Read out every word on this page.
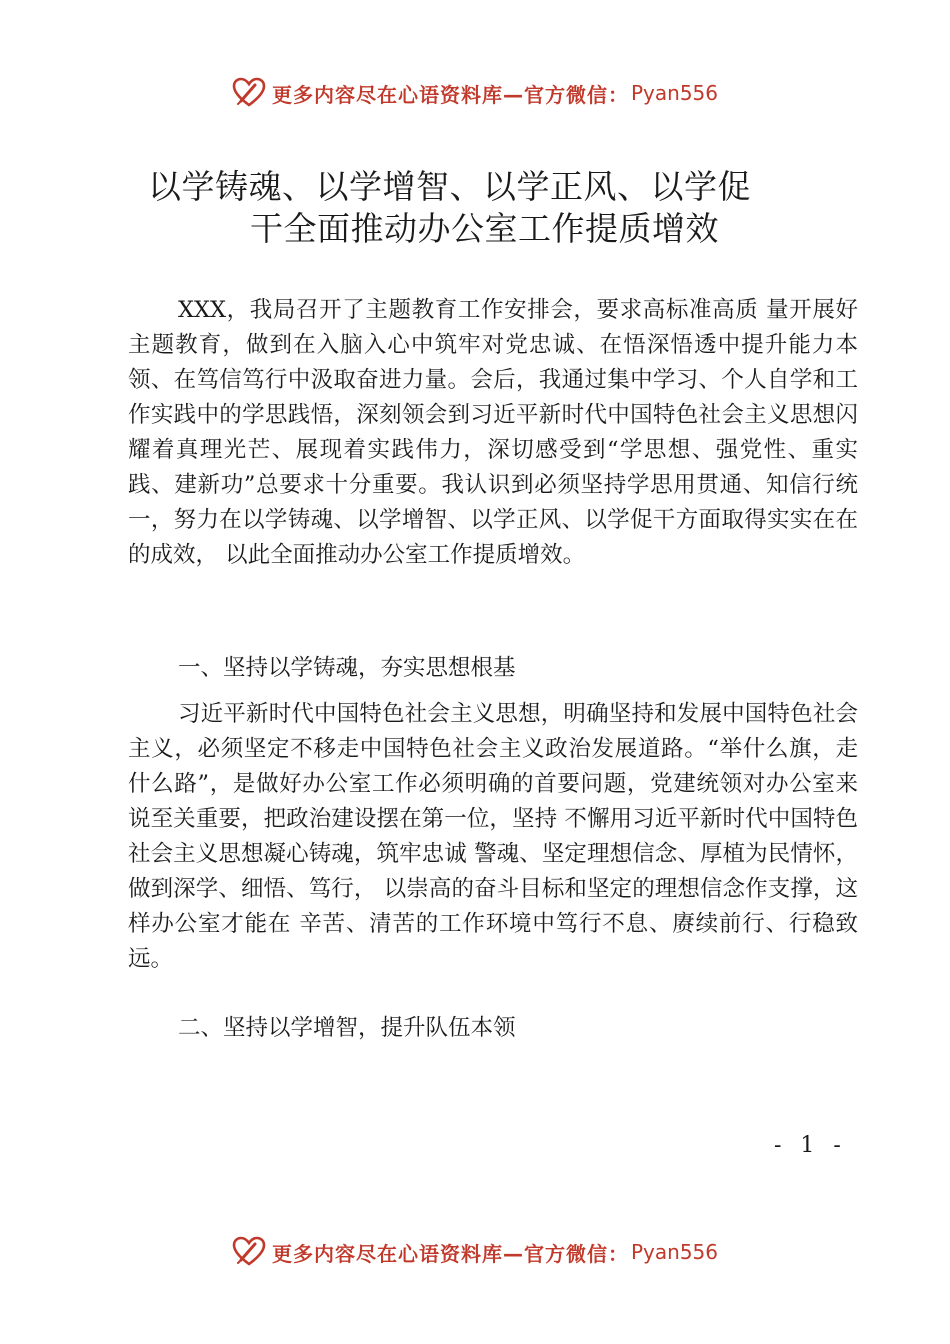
更多内容尽在心语资料库—官方微信： Pyan556
以学铸魂、以学增智、以学正风、以学促
干全面推动办公室工作提质增效

XXX，我局召开了主题教育工作安排会，要求高标准高质 量开展好主题教育，做到在入脑入心中筑牢对党忠诚、在悟深悟透中提升能力本领、在笃信笃行中汲取奋进力量。会后，我通过集中学习、个人自学和工作实践中的学思践悟，深刻领会到习近平新时代中国特色社会主义思想闪耀着真理光芒、展现着实践伟力，深切感受到“学思想、强党性、重实践、建新功”总要求十分重要。我认识到必须坚持学思用贯通、知信行统一，努力在以学铸魂、以学增智、以学正风、以学促干方面取得实实在在的成效， 以此全面推动办公室工作提质增效。

一、坚持以学铸魂，夯实思想根基

习近平新时代中国特色社会主义思想，明确坚持和发展中国特色社会主义，必须坚定不移走中国特色社会主义政治发展道路。“举什么旗，走什么路”，是做好办公室工作必须明确的首要问题，党建统领对办公室来说至关重要，把政治建设摆在第一位，坚持 不懈用习近平新时代中国特色社会主义思想凝心铸魂，筑牢忠诚 警魂、坚定理想信念、厚植为民情怀，做到深学、细悟、笃行， 以崇高的奋斗目标和坚定的理想信念作支撑，这样办公室才能在 辛苦、清苦的工作环境中笃行不息、赓续前行、行稳致远。

二、坚持以学增智，提升队伍本领

- 1 -
更多内容尽在心语资料库—官方微信： Pyan556
